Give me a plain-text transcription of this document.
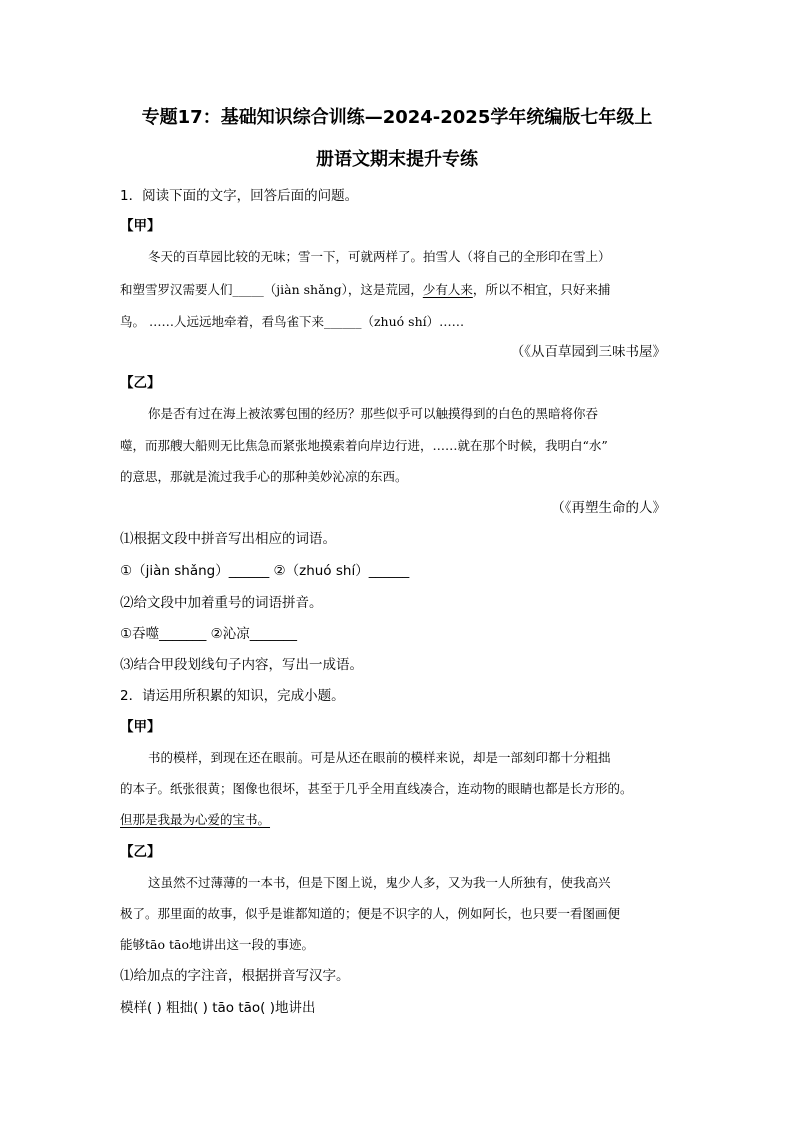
专题17：基础知识综合训练—2024-2025学年统编版七年级上
册语文期末提升专练
1．阅读下面的文字，回答后面的问题。
【甲】
冬天的百草园比较的无味；雪一下，可就两样了。拍雪人（将自己的全形印在雪上）
和塑雪罗汉需要人们_____（jiàn shǎng），这是荒园，少有人来，所以不相宜，只好来捕
鸟。 ……人远远地牵着，看鸟雀下来______（zhuó shí）……
（《从百草园到三味书屋》
【乙】
你是否有过在海上被浓雾包围的经历？那些似乎可以触摸得到的白色的黑暗将你吞
噬，而那艘大船则无比焦急而紧张地摸索着向岸边行进，……就在那个时候，我明白“水”
的意思，那就是流过我手心的那种美妙沁凉的东西。
（《再塑生命的人》
⑴根据文段中拼音写出相应的词语。
①（jiàn shǎng）______ ②（zhuó shí）______
⑵给文段中加着重号的词语拼音。
①吞噬_______ ②沁凉_______
⑶结合甲段划线句子内容，写出一成语。
2．请运用所积累的知识，完成小题。
【甲】
书的模样，到现在还在眼前。可是从还在眼前的模样来说，却是一部刻印都十分粗拙
的本子。纸张很黄；图像也很坏，甚至于几乎全用直线凑合，连动物的眼睛也都是长方形的。
但那是我最为心爱的宝书。
【乙】
这虽然不过薄薄的一本书，但是下图上说，鬼少人多，又为我一人所独有，使我高兴
极了。那里面的故事，似乎是谁都知道的；便是不识字的人，例如阿长，也只要一看图画便
能够tāo tāo地讲出这一段的事迹。
⑴给加点的字注音，根据拼音写汉字。
模样( ) 粗拙( ) tāo tāo( )地讲出
